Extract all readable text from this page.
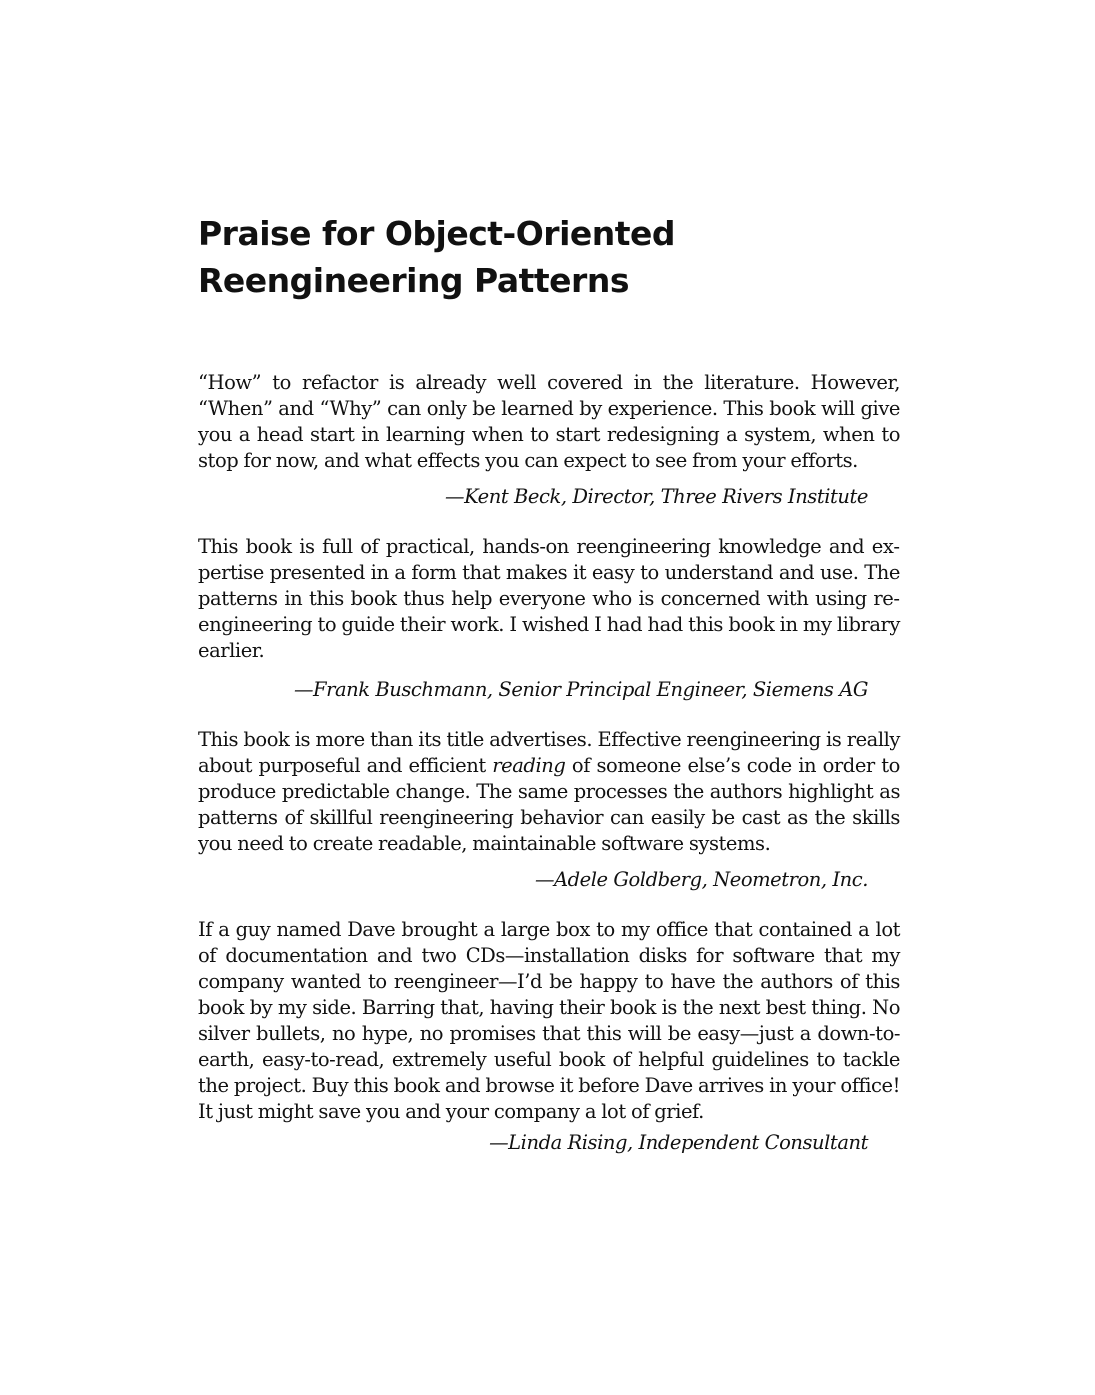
Praise for Object-Oriented
Reengineering Patterns

“How” to refactor is already well covered in the literature. However, “When” and “Why” can only be learned by experience. This book will give you a head start in learning when to start redesigning a system, when to stop for now, and what effects you can expect to see from your efforts.

—Kent Beck, Director, Three Rivers Institute

This book is full of practical, hands-on reengineering knowledge and expertise presented in a form that makes it easy to understand and use. The patterns in this book thus help everyone who is concerned with using reengineering to guide their work. I wished I had had this book in my library earlier.

—Frank Buschmann, Senior Principal Engineer, Siemens AG

This book is more than its title advertises. Effective reengineering is really about purposeful and efficient reading of someone else’s code in order to produce predictable change. The same processes the authors highlight as patterns of skillful reengineering behavior can easily be cast as the skills you need to create readable, maintainable software systems.

—Adele Goldberg, Neometron, Inc.

If a guy named Dave brought a large box to my office that contained a lot of documentation and two CDs—installation disks for software that my company wanted to reengineer—I’d be happy to have the authors of this book by my side. Barring that, having their book is the next best thing. No silver bullets, no hype, no promises that this will be easy—just a down-to-earth, easy-to-read, extremely useful book of helpful guidelines to tackle the project. Buy this book and browse it before Dave arrives in your office! It just might save you and your company a lot of grief.

—Linda Rising, Independent Consultant
